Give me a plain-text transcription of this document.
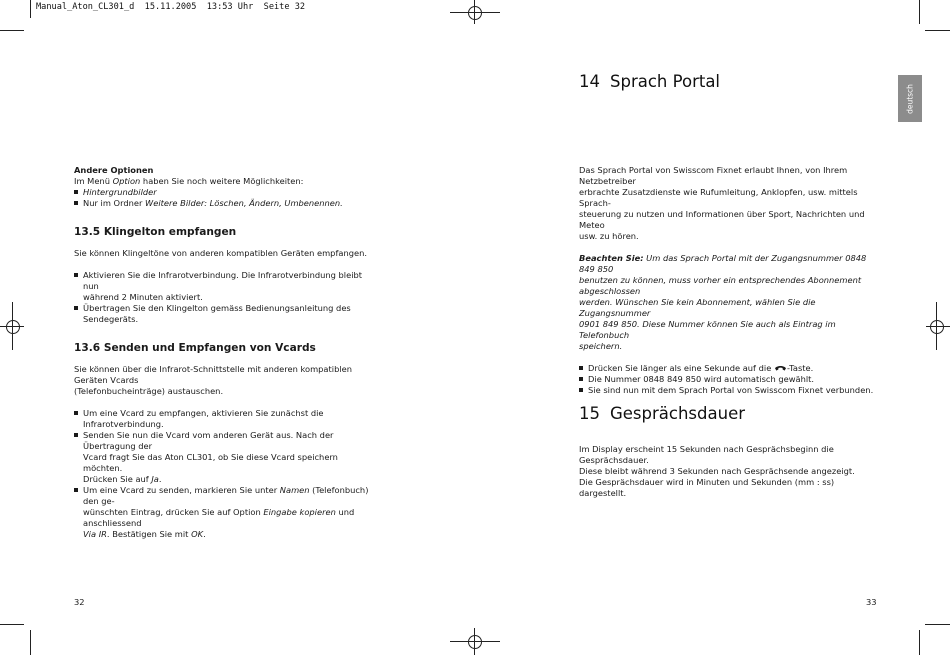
Manual_Aton_CL301_d  15.11.2005  13:53 Uhr  Seite 32
deutsch

Andere Optionen

Im Menü Option haben Sie noch weitere Möglichkeiten:

Hintergrundbilder
Nur im Ordner Weitere Bilder: Löschen, Ändern, Umbenennen.

13.5 Klingelton empfangen

Sie können Klingeltöne von anderen kompatiblen Geräten empfangen.

Aktivieren Sie die Infrarotverbindung. Die Infrarotverbindung bleibt nun
während 2 Minuten aktiviert.
Übertragen Sie den Klingelton gemäss Bedienungsanleitung des Sendegeräts.

13.6 Senden und Empfangen von Vcards

Sie können über die Infrarot-Schnittstelle mit anderen kompatiblen Geräten Vcards
(Telefonbucheinträge) austauschen.

Um eine Vcard zu empfangen, aktivieren Sie zunächst die Infrarotverbindung.
Senden Sie nun die Vcard vom anderen Gerät aus. Nach der Übertragung der
Vcard fragt Sie das Aton CL301, ob Sie diese Vcard speichern möchten.
Drücken Sie auf Ja.
Um eine Vcard zu senden, markieren Sie unter Namen (Telefonbuch) den ge-
wünschten Eintrag, drücken Sie auf Option Eingabe kopieren und anschliessend
Via IR. Bestätigen Sie mit OK.
32
14 Sprach Portal

Das Sprach Portal von Swisscom Fixnet erlaubt Ihnen, von Ihrem Netzbetreiber
erbrachte Zusatzdienste wie Rufumleitung, Anklopfen, usw. mittels Sprach-
steuerung zu nutzen und Informationen über Sport, Nachrichten und Meteo
usw. zu hören.

Beachten Sie: Um das Sprach Portal mit der Zugangsnummer 0848 849 850
benutzen zu können, muss vorher ein entsprechendes Abonnement abgeschlossen
werden. Wünschen Sie kein Abonnement, wählen Sie die Zugangsnummer
0901 849 850. Diese Nummer können Sie auch als Eintrag im Telefonbuch
speichern.

Drücken Sie länger als eine Sekunde auf die -Taste.
Die Nummer 0848 849 850 wird automatisch gewählt.
Sie sind nun mit dem Sprach Portal von Swisscom Fixnet verbunden.
15 Gesprächsdauer

Im Display erscheint 15 Sekunden nach Gesprächsbeginn die Gesprächsdauer.
Diese bleibt während 3 Sekunden nach Gesprächsende angezeigt.
Die Gesprächsdauer wird in Minuten und Sekunden (mm : ss) dargestellt.

33
